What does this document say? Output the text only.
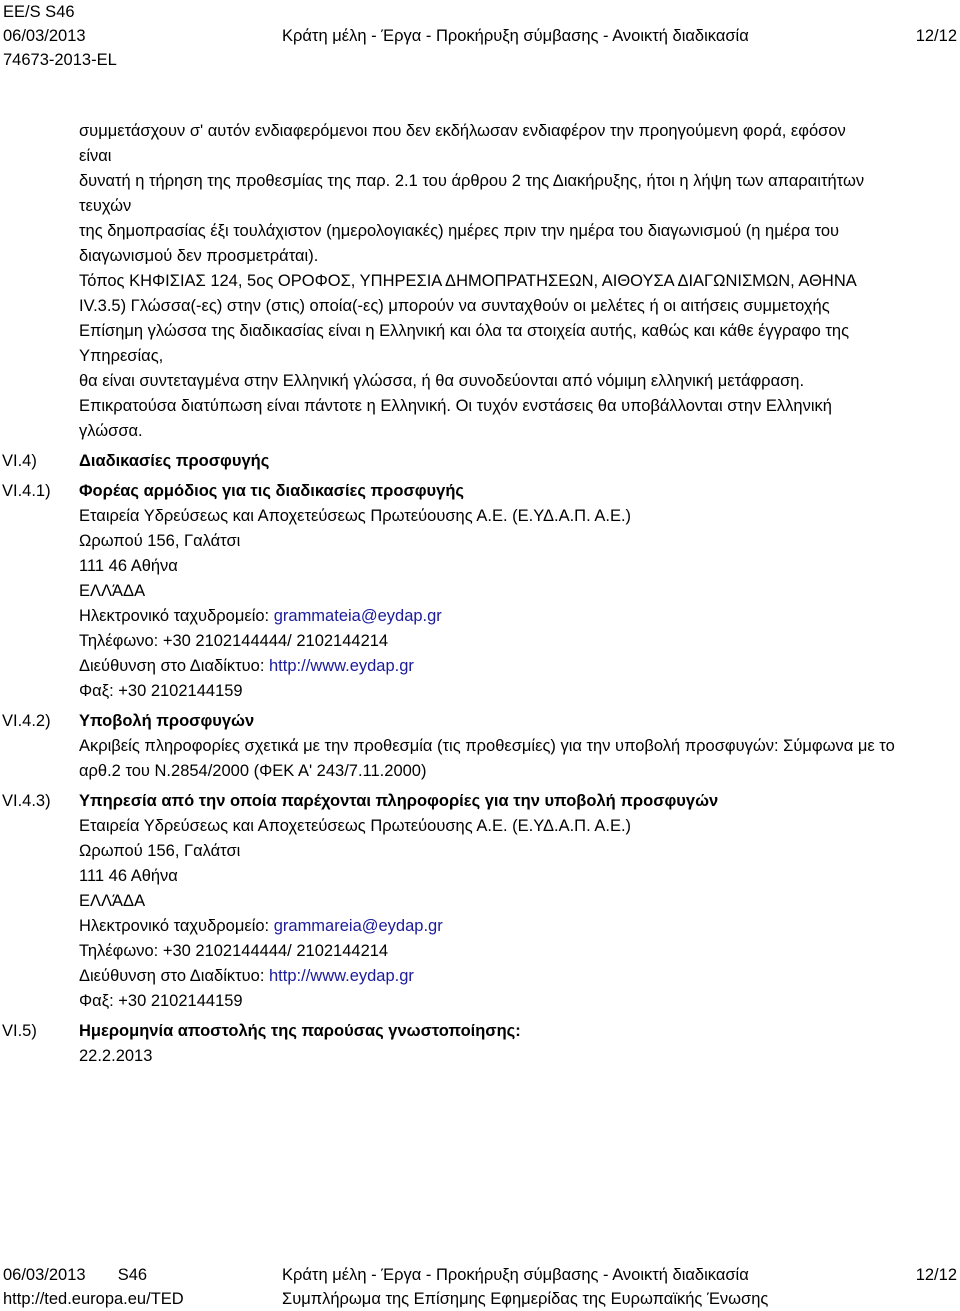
EE/S S46
06/03/2013	Κράτη μέλη - Έργα - Προκήρυξη σύμβασης - Ανοικτή διαδικασία	12/12
74673-2013-EL
συμμετάσχουν σ' αυτόν ενδιαφερόμενοι που δεν εκδήλωσαν ενδιαφέρον την προηγούμενη φορά, εφόσον
είναι
δυνατή η τήρηση της προθεσμίας της παρ. 2.1 του άρθρου 2 της Διακήρυξης, ήτοι η λήψη των απαραιτήτων
τευχών
της δημοπρασίας έξι τουλάχιστον (ημερολογιακές) ημέρες πριν την ημέρα του διαγωνισμού (η ημέρα του
διαγωνισμού δεν προσμετράται).
Τόπος ΚΗΦΙΣΙΑΣ 124, 5ος ΟΡΟΦΟΣ, ΥΠΗΡΕΣΙΑ ΔΗΜΟΠΡΑΤΗΣΕΩΝ, ΑΙΘΟΥΣΑ ΔΙΑΓΩΝΙΣΜΩΝ, ΑΘΗΝΑ
IV.3.5) Γλώσσα(-ες) στην (στις) οποία(-ες) μπορούν να συνταχθούν οι μελέτες ή οι αιτήσεις συμμετοχής
Επίσημη γλώσσα της διαδικασίας είναι η Ελληνική και όλα τα στοιχεία αυτής, καθώς και κάθε έγγραφο της
Υπηρεσίας,
θα είναι συντεταγμένα στην Ελληνική γλώσσα, ή θα συνοδεύονται από νόμιμη ελληνική μετάφραση.
Επικρατούσα διατύπωση είναι πάντοτε η Ελληνική. Οι τυχόν ενστάσεις θα υποβάλλονται στην Ελληνική
γλώσσα.
VI.4)	Διαδικασίες προσφυγής
VI.4.1) Φορέας αρμόδιος για τις διαδικασίες προσφυγής
Εταιρεία Υδρεύσεως και Αποχετεύσεως Πρωτεύουσης Α.Ε. (Ε.ΥΔ.Α.Π. Α.Ε.)
Ωρωπού 156, Γαλάτσι
111 46 Αθήνα
ΕΛΛΆΔΑ
Ηλεκτρονικό ταχυδρομείο: grammateia@eydap.gr
Τηλέφωνο: +30 2102144444/ 2102144214
Διεύθυνση στο Διαδίκτυο: http://www.eydap.gr
Φαξ: +30 2102144159
VI.4.2) Υποβολή προσφυγών
Ακριβείς πληροφορίες σχετικά με την προθεσμία (τις προθεσμίες) για την υποβολή προσφυγών: Σύμφωνα με το
αρθ.2 του Ν.2854/2000 (ΦΕΚ Α' 243/7.11.2000)
VI.4.3) Υπηρεσία από την οποία παρέχονται πληροφορίες για την υποβολή προσφυγών
Εταιρεία Υδρεύσεως και Αποχετεύσεως Πρωτεύουσης Α.Ε. (Ε.ΥΔ.Α.Π. Α.Ε.)
Ωρωπού 156, Γαλάτσι
111 46 Αθήνα
ΕΛΛΆΔΑ
Ηλεκτρονικό ταχυδρομείο: grammareia@eydap.gr
Τηλέφωνο: +30 2102144444/ 2102144214
Διεύθυνση στο Διαδίκτυο: http://www.eydap.gr
Φαξ: +30 2102144159
VI.5)	Ημερομηνία αποστολής της παρούσας γνωστοποίησης:
22.2.2013
06/03/2013 S46	Κράτη μέλη - Έργα - Προκήρυξη σύμβασης - Ανοικτή διαδικασία	12/12
http://ted.europa.eu/TED	Συμπλήρωμα της Επίσημης Εφημερίδας της Ευρωπαϊκής Ένωσης
